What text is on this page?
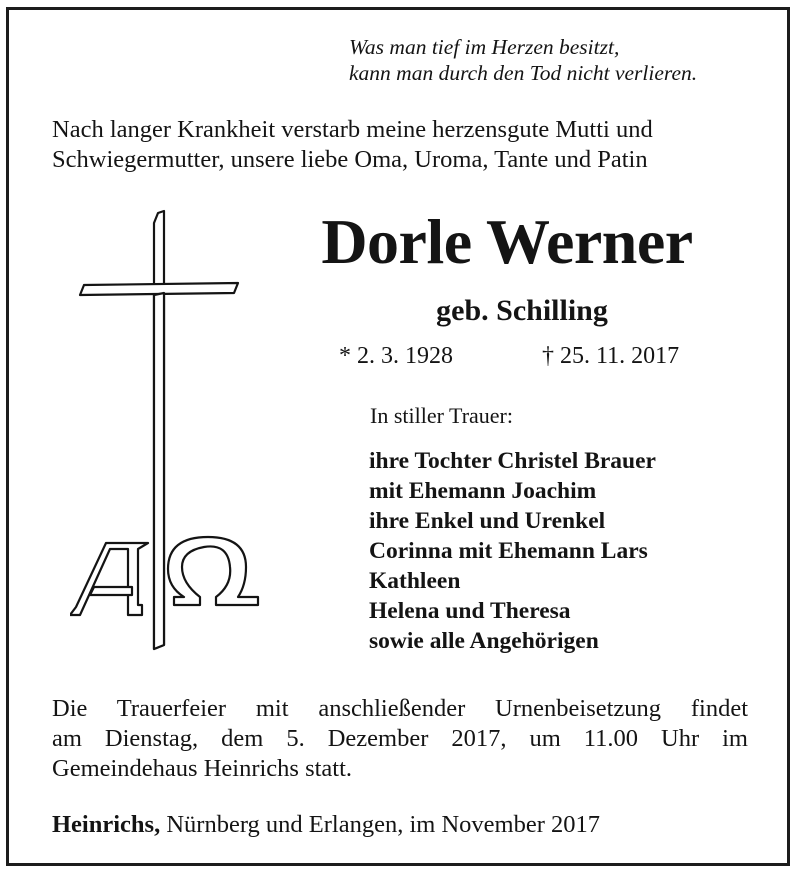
Was man tief im Herzen besitzt,
kann man durch den Tod nicht verlieren.
Nach langer Krankheit verstarb meine herzensgute Mutti und
Schwiegermutter, unsere liebe Oma, Uroma, Tante und Patin
Dorle Werner
geb. Schilling
* 2. 3. 1928	† 25. 11. 2017
In stiller Trauer:
ihre Tochter Christel Brauer
mit Ehemann Joachim
ihre Enkel und Urenkel
Corinna mit Ehemann Lars
Kathleen
Helena und Theresa
sowie alle Angehörigen
Die Trauerfeier mit anschließender Urnenbeisetzung findet
am Dienstag, dem 5. Dezember 2017, um 11.00 Uhr im
Gemeindehaus Heinrichs statt.
Heinrichs, Nürnberg und Erlangen, im November 2017
